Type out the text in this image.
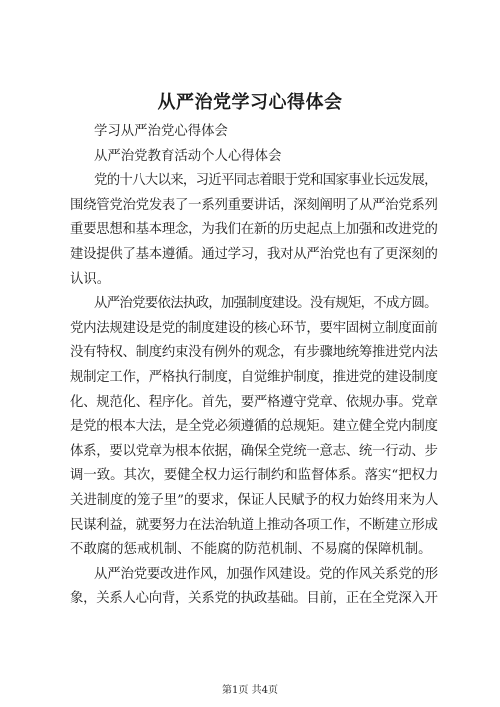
从严治党学习心得体会
学习从严治党心得体会
从严治党教育活动个人心得体会
党的十八大以来，习近平同志着眼于党和国家事业长远发展，
围绕管党治党发表了一系列重要讲话，深刻阐明了从严治党系列
重要思想和基本理念，为我们在新的历史起点上加强和改进党的
建设提供了基本遵循。通过学习，我对从严治党也有了更深刻的
认识。
从严治党要依法执政，加强制度建设。没有规矩，不成方圆。
党内法规建设是党的制度建设的核心环节，要牢固树立制度面前
没有特权、制度约束没有例外的观念，有步骤地统筹推进党内法
规制定工作，严格执行制度，自觉维护制度，推进党的建设制度
化、规范化、程序化。首先，要严格遵守党章、依规办事。党章
是党的根本大法，是全党必须遵循的总规矩。建立健全党内制度
体系，要以党章为根本依据，确保全党统一意志、统一行动、步
调一致。其次，要健全权力运行制约和监督体系。落实“把权力
关进制度的笼子里”的要求，保证人民赋予的权力始终用来为人
民谋利益，就要努力在法治轨道上推动各项工作，不断建立形成
不敢腐的惩戒机制、不能腐的防范机制、不易腐的保障机制。
从严治党要改进作风，加强作风建设。党的作风关系党的形
象，关系人心向背，关系党的执政基础。目前，正在全党深入开
第1页 共4页
